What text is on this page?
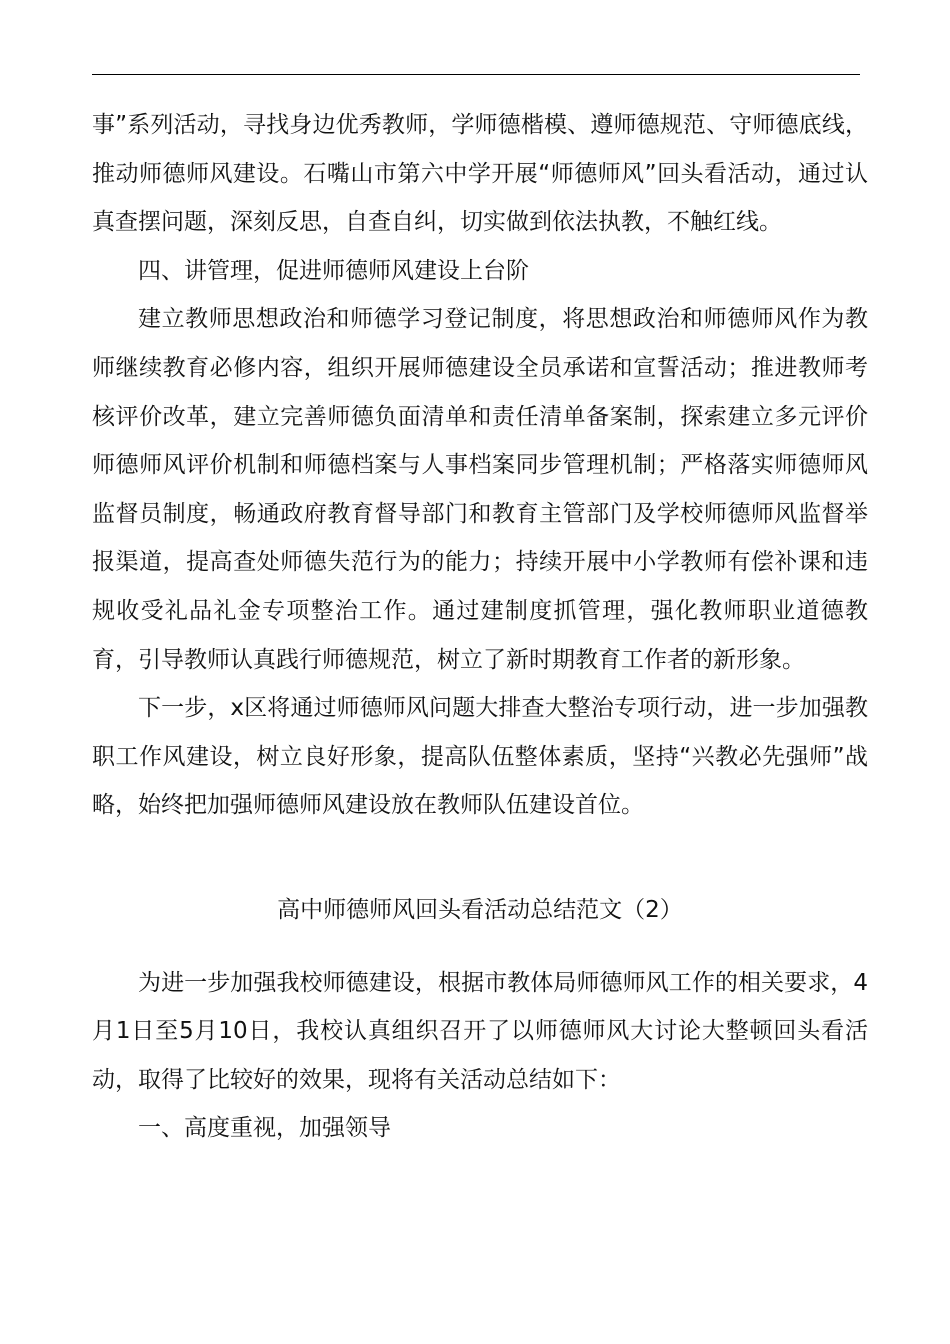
事”系列活动，寻找身边优秀教师，学师德楷模、遵师德规范、守师德底线，推动师德师风建设。石嘴山市第六中学开展“师德师风”回头看活动，通过认真查摆问题，深刻反思，自查自纠，切实做到依法执教，不触红线。

四、讲管理，促进师德师风建设上台阶

建立教师思想政治和师德学习登记制度，将思想政治和师德师风作为教师继续教育必修内容，组织开展师德建设全员承诺和宣誓活动；推进教师考核评价改革，建立完善师德负面清单和责任清单备案制，探索建立多元评价师德师风评价机制和师德档案与人事档案同步管理机制；严格落实师德师风监督员制度，畅通政府教育督导部门和教育主管部门及学校师德师风监督举报渠道，提高查处师德失范行为的能力；持续开展中小学教师有偿补课和违规收受礼品礼金专项整治工作。通过建制度抓管理，强化教师职业道德教育，引导教师认真践行师德规范，树立了新时期教育工作者的新形象。

下一步，x区将通过师德师风问题大排查大整治专项行动，进一步加强教职工作风建设，树立良好形象，提高队伍整体素质，坚持“兴教必先强师”战略，始终把加强师德师风建设放在教师队伍建设首位。

高中师德师风回头看活动总结范文（2）

为进一步加强我校师德建设，根据市教体局师德师风工作的相关要求，4月1日至5月10日，我校认真组织召开了以师德师风大讨论大整顿回头看活动，取得了比较好的效果，现将有关活动总结如下：

一、高度重视，加强领导
